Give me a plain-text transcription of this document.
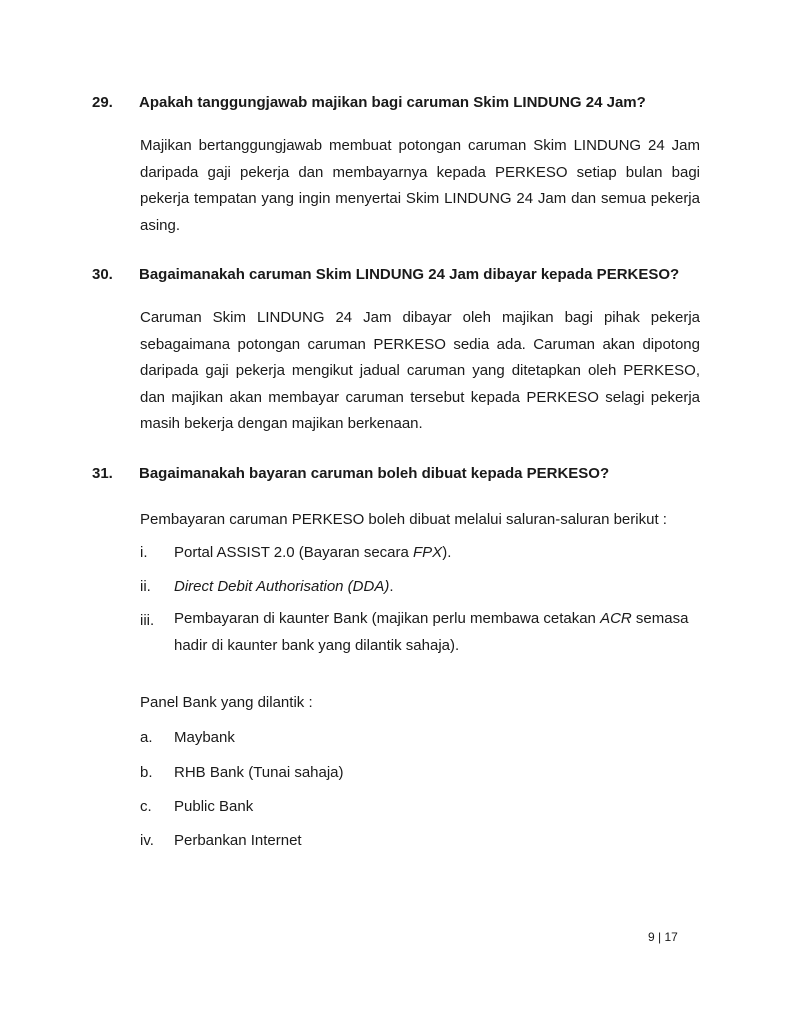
29. Apakah tanggungjawab majikan bagi caruman Skim LINDUNG 24 Jam?
Majikan bertanggungjawab membuat potongan caruman Skim LINDUNG 24 Jam daripada gaji pekerja dan membayarnya kepada PERKESO setiap bulan bagi pekerja tempatan yang ingin menyertai Skim LINDUNG 24 Jam dan semua pekerja asing.
30. Bagaimanakah caruman Skim LINDUNG 24 Jam dibayar kepada PERKESO?
Caruman Skim LINDUNG 24 Jam dibayar oleh majikan bagi pihak pekerja sebagaimana potongan caruman PERKESO sedia ada. Caruman akan dipotong daripada gaji pekerja mengikut jadual caruman yang ditetapkan oleh PERKESO, dan majikan akan membayar caruman tersebut kepada PERKESO selagi pekerja masih bekerja dengan majikan berkenaan.
31. Bagaimanakah bayaran caruman boleh dibuat kepada PERKESO?
Pembayaran caruman PERKESO boleh dibuat melalui saluran-saluran berikut :
i. Portal ASSIST 2.0 (Bayaran secara FPX).
ii. Direct Debit Authorisation (DDA).
iii. Pembayaran di kaunter Bank (majikan perlu membawa cetakan ACR semasa hadir di kaunter bank yang dilantik sahaja).
Panel Bank yang dilantik :
a. Maybank
b. RHB Bank (Tunai sahaja)
c. Public Bank
iv. Perbankan Internet
9 | 17
